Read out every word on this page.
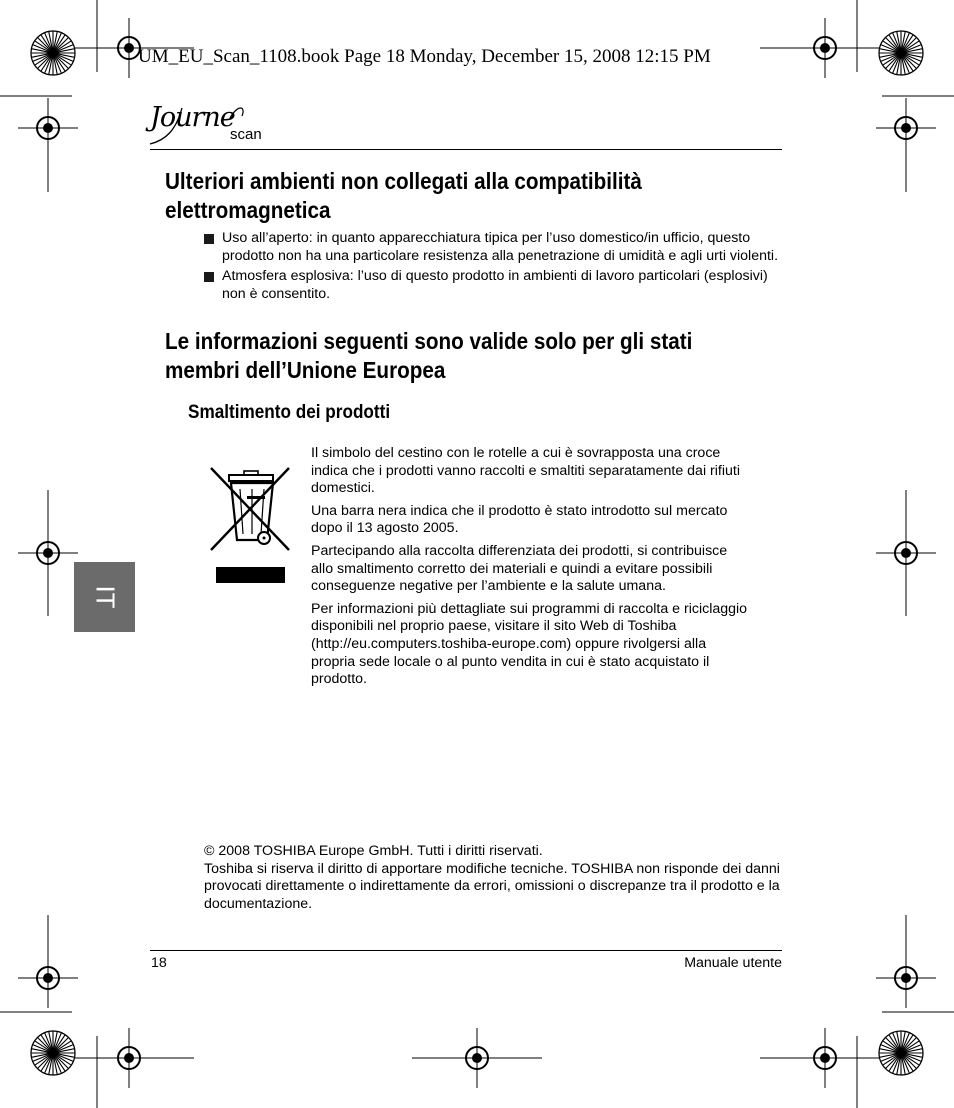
UM_EU_Scan_1108.book Page 18 Monday, December 15, 2008 12:15 PM
Journe
scan
Ulteriori ambienti non collegati alla compatibilità
elettromagnetica
Uso all’aperto: in quanto apparecchiatura tipica per l’uso domestico/in ufficio, questo prodotto non ha una particolare resistenza alla penetrazione di umidità e agli urti violenti.
Atmosfera esplosiva: l’uso di questo prodotto in ambienti di lavoro particolari (esplosivi) non è consentito.
Le informazioni seguenti sono valide solo per gli stati
membri dell’Unione Europea
Smaltimento dei prodotti

Il simbolo del cestino con le rotelle a cui è sovrapposta una croce indica che i prodotti vanno raccolti e smaltiti separatamente dai rifiuti domestici.

Una barra nera indica che il prodotto è stato introdotto sul mercato dopo il 13 agosto 2005.

Partecipando alla raccolta differenziata dei prodotti, si contribuisce allo smaltimento corretto dei materiali e quindi a evitare possibili conseguenze negative per l’ambiente e la salute umana.

Per informazioni più dettagliate sui programmi di raccolta e riciclaggio disponibili nel proprio paese, visitare il sito Web di Toshiba (http://eu.computers.toshiba-europe.com) oppure rivolgersi alla propria sede locale o al punto vendita in cui è stato acquistato il prodotto.

IT

© 2008 TOSHIBA Europe GmbH. Tutti i diritti riservati.

Toshiba si riserva il diritto di apportare modifiche tecniche. TOSHIBA non risponde dei danni provocati direttamente o indirettamente da errori, omissioni o discrepanze tra il prodotto e la documentazione.

18	Manuale utente
